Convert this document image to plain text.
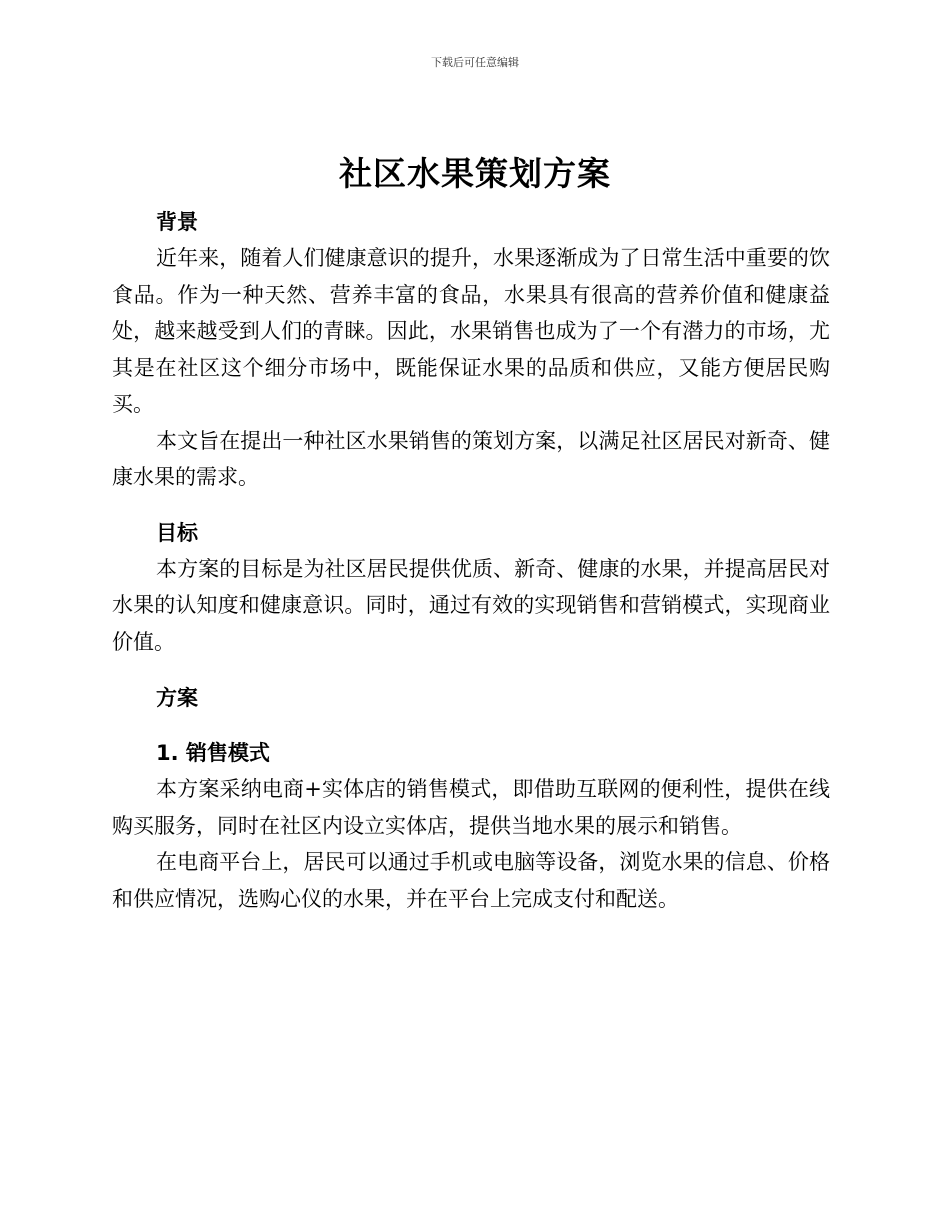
下载后可任意编辑
社区水果策划方案
背景

近年来，随着人们健康意识的提升，水果逐渐成为了日常生活中重要的饮食品。作为一种天然、营养丰富的食品，水果具有很高的营养价值和健康益处，越来越受到人们的青睐。因此，水果销售也成为了一个有潜力的市场，尤其是在社区这个细分市场中，既能保证水果的品质和供应，又能方便居民购买。

本文旨在提出一种社区水果销售的策划方案，以满足社区居民对新奇、健康水果的需求。

目标

本方案的目标是为社区居民提供优质、新奇、健康的水果，并提高居民对水果的认知度和健康意识。同时，通过有效的实现销售和营销模式，实现商业价值。

方案
1. 销售模式

本方案采纳电商+实体店的销售模式，即借助互联网的便利性，提供在线购买服务，同时在社区内设立实体店，提供当地水果的展示和销售。

在电商平台上，居民可以通过手机或电脑等设备，浏览水果的信息、价格和供应情况，选购心仪的水果，并在平台上完成支付和配送。
